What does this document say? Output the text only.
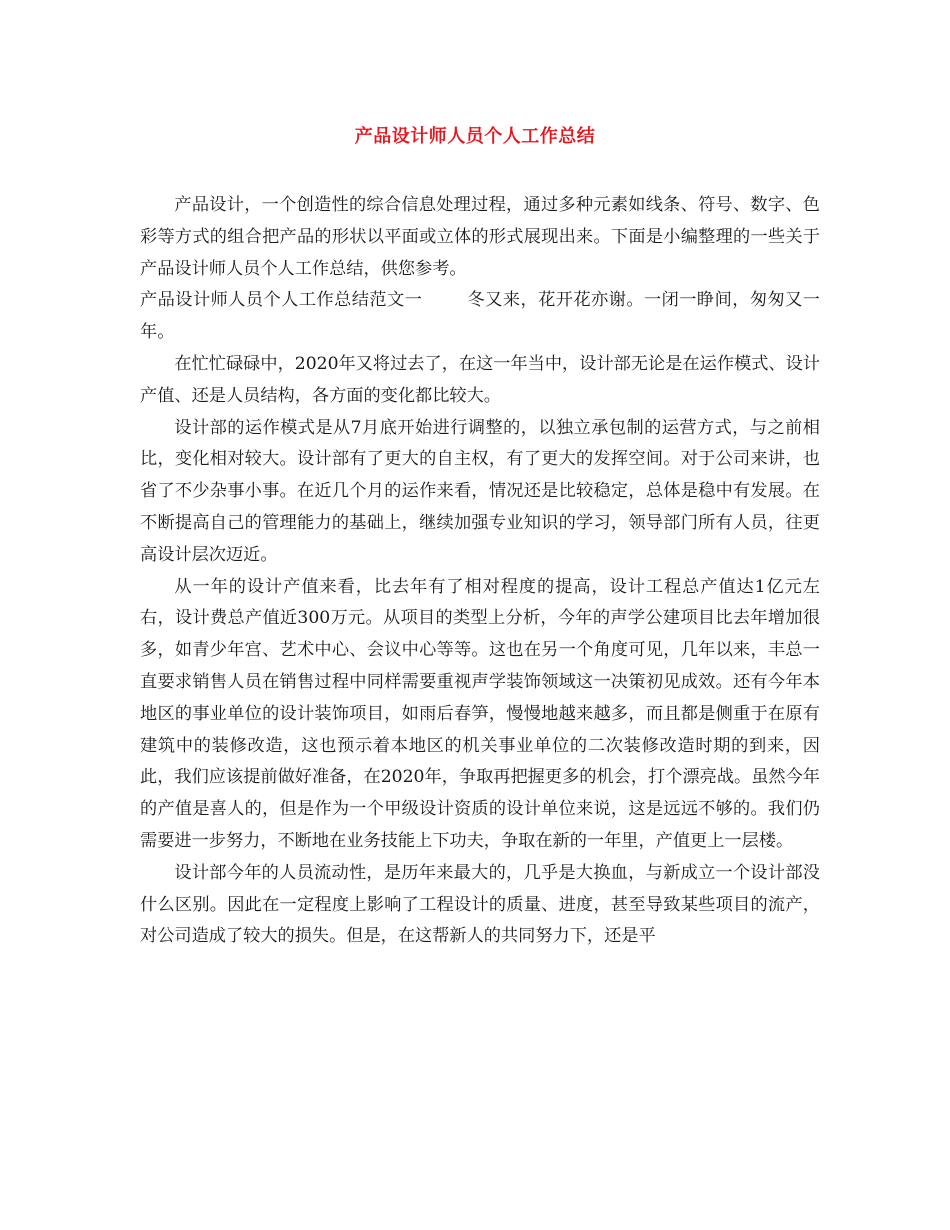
产品设计师人员个人工作总结

产品设计，一个创造性的综合信息处理过程，通过多种元素如线条、符号、数字、色彩等方式的组合把产品的形状以平面或立体的形式展现出来。下面是小编整理的一些关于产品设计师人员个人工作总结，供您参考。

产品设计师人员个人工作总结范文一	冬又来，花开花亦谢。一闭一睁间，匆匆又一年。

在忙忙碌碌中，2020年又将过去了，在这一年当中，设计部无论是在运作模式、设计产值、还是人员结构，各方面的变化都比较大。

设计部的运作模式是从7月底开始进行调整的，以独立承包制的运营方式，与之前相比，变化相对较大。设计部有了更大的自主权，有了更大的发挥空间。对于公司来讲，也省了不少杂事小事。在近几个月的运作来看，情况还是比较稳定，总体是稳中有发展。在不断提高自己的管理能力的基础上，继续加强专业知识的学习，领导部门所有人员，往更高设计层次迈近。

从一年的设计产值来看，比去年有了相对程度的提高，设计工程总产值达1亿元左右，设计费总产值近300万元。从项目的类型上分析，今年的声学公建项目比去年增加很多，如青少年宫、艺术中心、会议中心等等。这也在另一个角度可见，几年以来，丰总一直要求销售人员在销售过程中同样需要重视声学装饰领域这一决策初见成效。还有今年本地区的事业单位的设计装饰项目，如雨后春笋，慢慢地越来越多，而且都是侧重于在原有建筑中的装修改造，这也预示着本地区的机关事业单位的二次装修改造时期的到来，因此，我们应该提前做好准备，在2020年，争取再把握更多的机会，打个漂亮战。虽然今年的产值是喜人的，但是作为一个甲级设计资质的设计单位来说，这是远远不够的。我们仍需要进一步努力，不断地在业务技能上下功夫，争取在新的一年里，产值更上一层楼。

设计部今年的人员流动性，是历年来最大的，几乎是大换血，与新成立一个设计部没什么区别。因此在一定程度上影响了工程设计的质量、进度，甚至导致某些项目的流产，对公司造成了较大的损失。但是，在这帮新人的共同努力下，还是平
